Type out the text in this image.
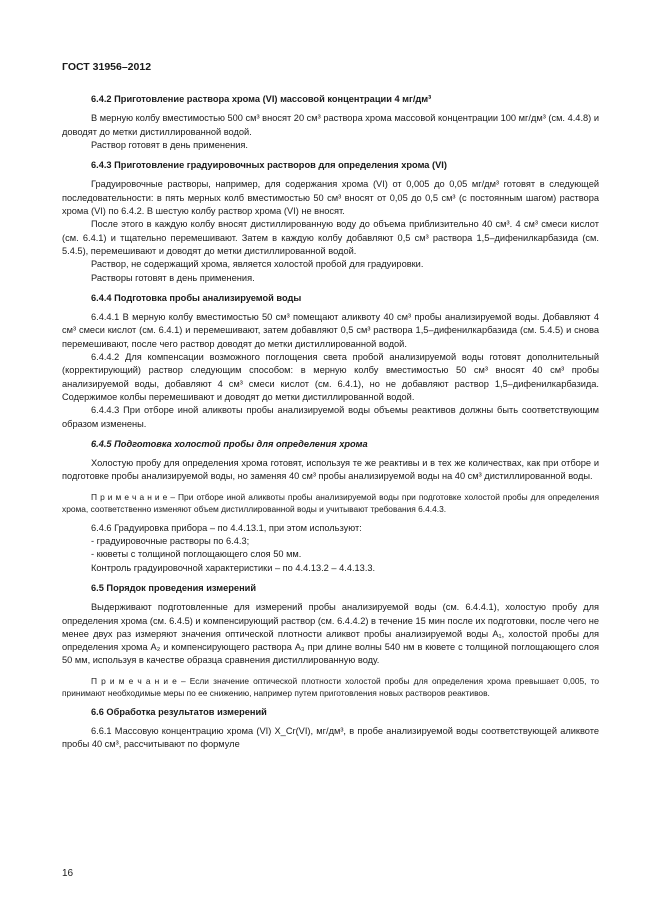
ГОСТ 31956–2012
6.4.2 Приготовление раствора хрома (VI) массовой концентрации 4 мг/дм³

В мерную колбу вместимостью 500 см³ вносят 20 см³ раствора хрома массовой концентрации 100 мг/дм³ (см. 4.4.8) и доводят до метки дистиллированной водой.

Раствор готовят в день применения.

6.4.3 Приготовление градуировочных растворов для определения хрома (VI)

Градуировочные растворы, например, для содержания хрома (VI) от 0,005 до 0,05 мг/дм³ готовят в следующей последовательности: в пять мерных колб вместимостью 50 см³ вносят от 0,05 до 0,5 см³ (с постоянным шагом) раствора хрома (VI) по 6.4.2. В шестую колбу раствор хрома (VI) не вносят.

После этого в каждую колбу вносят дистиллированную воду до объема приблизительно 40 см³. 4 см³ смеси кислот (см. 6.4.1) и тщательно перемешивают. Затем в каждую колбу добавляют 0,5 см³ раствора 1,5–дифенилкарбазида (см. 5.4.5), перемешивают и доводят до метки дистиллированной водой.

Раствор, не содержащий хрома, является холостой пробой для градуировки.

Растворы готовят в день применения.

6.4.4 Подготовка пробы анализируемой воды

6.4.4.1 В мерную колбу вместимостью 50 см³ помещают аликвоту 40 см³ пробы анализируемой воды. Добавляют 4 см³ смеси кислот (см. 6.4.1) и перемешивают, затем добавляют 0,5 см³ раствора 1,5–дифенилкарбазида (см. 5.4.5) и снова перемешивают, после чего раствор доводят до метки дистиллированной водой.

6.4.4.2 Для компенсации возможного поглощения света пробой анализируемой воды готовят дополнительный (корректирующий) раствор следующим способом: в мерную колбу вместимостью 50 см³ вносят 40 см³ пробы анализируемой воды, добавляют 4 см³ смеси кислот (см. 6.4.1), но не добавляют раствор 1,5–дифенилкарбазида. Содержимое колбы перемешивают и доводят до метки дистиллированной водой.

6.4.4.3 При отборе иной аликвоты пробы анализируемой воды объемы реактивов должны быть соответствующим образом изменены.

6.4.5 Подготовка холостой пробы для определения хрома

Холостую пробу для определения хрома готовят, используя те же реактивы и в тех же количествах, как при отборе и подготовке пробы анализируемой воды, но заменяя 40 см³ пробы анализируемой воды на 40 см³ дистиллированной воды.

П р и м е ч а н и е – При отборе иной аликвоты пробы анализируемой воды при подготовке холостой пробы для определения хрома, соответственно изменяют объем дистиллированной воды и учитывают требования 6.4.4.3.

6.4.6 Градуировка прибора – по 4.4.13.1, при этом используют:

- градуировочные растворы по 6.4.3;

- кюветы с толщиной поглощающего слоя 50 мм.

Контроль градуировочной характеристики – по 4.4.13.2 – 4.4.13.3.

6.5 Порядок проведения измерений

Выдерживают подготовленные для измерений пробы анализируемой воды (см. 6.4.4.1), холостую пробу для определения хрома (см. 6.4.5) и компенсирующий раствор (см. 6.4.4.2) в течение 15 мин после их подготовки, после чего не менее двух раз измеряют значения оптической плотности аликвот пробы анализируемой воды A₁, холостой пробы для определения хрома A₂ и компенсирующего раствора A₃ при длине волны 540 нм в кювете с толщиной поглощающего слоя 50 мм, используя в качестве образца сравнения дистиллированную воду.

П р и м е ч а н и е – Если значение оптической плотности холостой пробы для определения хрома превышает 0,005, то принимают необходимые меры по ее снижению, например путем приготовления новых растворов реактивов.

6.6 Обработка результатов измерений

6.6.1 Массовую концентрацию хрома (VI) X_Cr(VI), мг/дм³, в пробе анализируемой воды соответствующей аликвоте пробы 40 см³, рассчитывают по формуле

16
